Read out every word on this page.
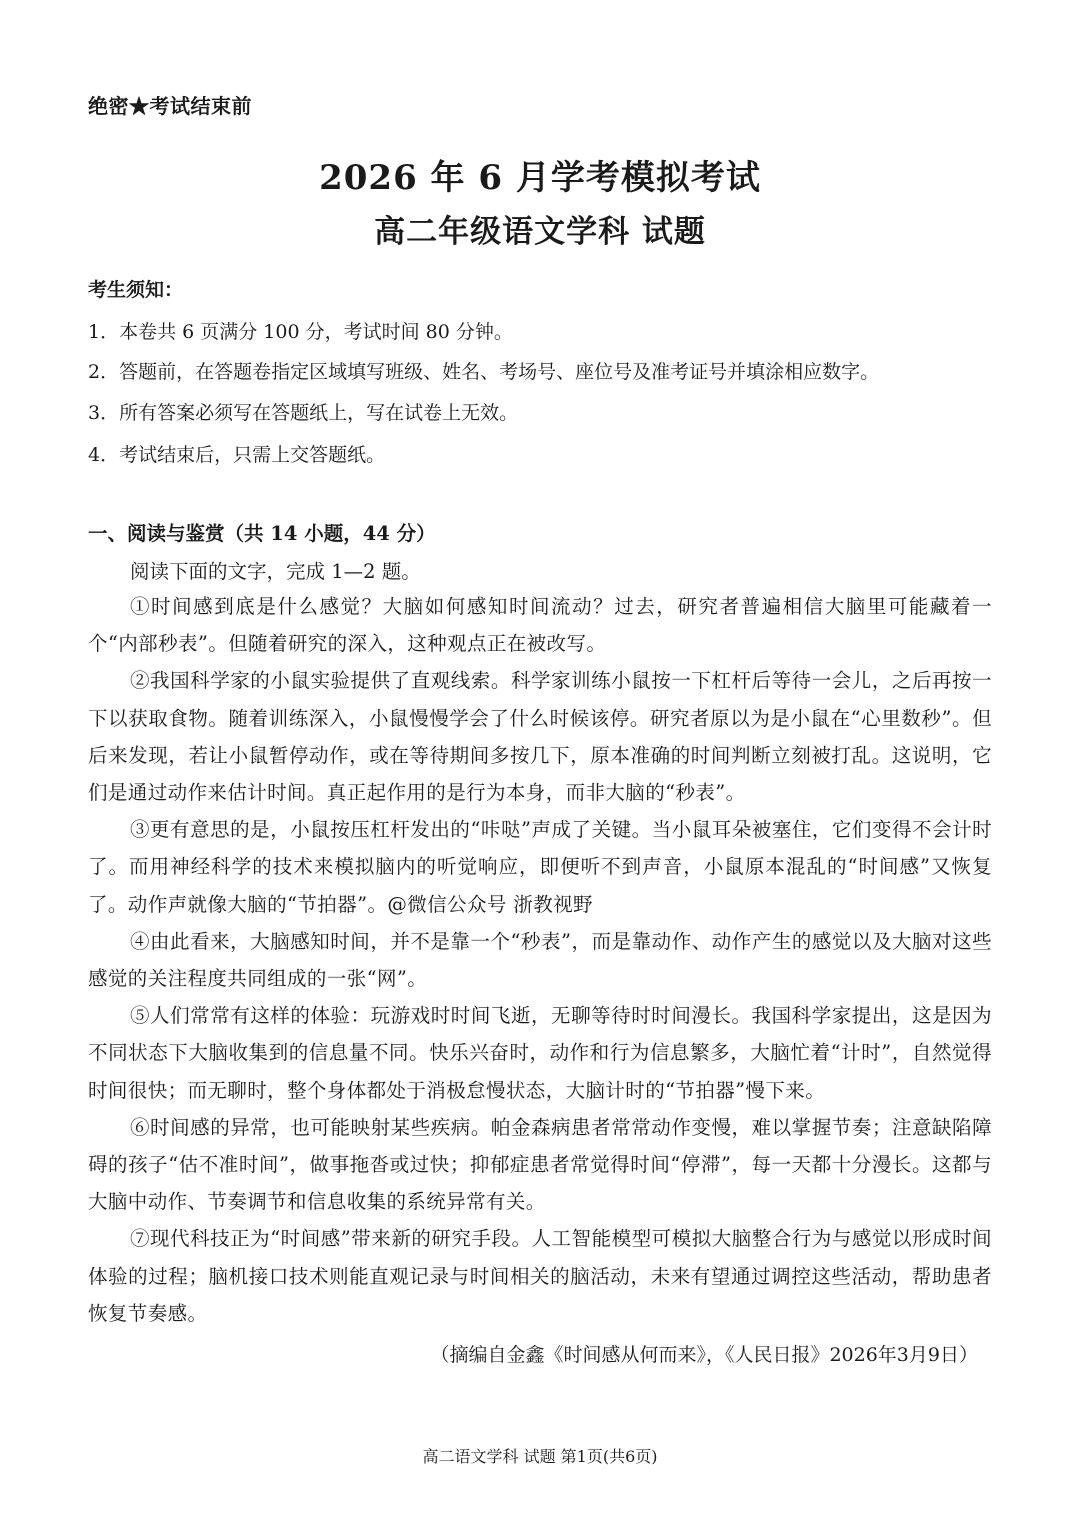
绝密★考试结束前
2026 年 6 月学考模拟考试
高二年级语文学科 试题
考生须知：
1．本卷共 6 页满分 100 分，考试时间 80 分钟。
2．答题前，在答题卷指定区域填写班级、姓名、考场号、座位号及准考证号并填涂相应数字。
3．所有答案必须写在答题纸上，写在试卷上无效。
4．考试结束后，只需上交答题纸。
一、阅读与鉴赏（共 14 小题，44 分）
阅读下面的文字，完成 1—2 题。

①时间感到底是什么感觉？大脑如何感知时间流动？过去，研究者普遍相信大脑里可能藏着一个“内部秒表”。但随着研究的深入，这种观点正在被改写。

②我国科学家的小鼠实验提供了直观线索。科学家训练小鼠按一下杠杆后等待一会儿，之后再按一下以获取食物。随着训练深入，小鼠慢慢学会了什么时候该停。研究者原以为是小鼠在“心里数秒”。但后来发现，若让小鼠暂停动作，或在等待期间多按几下，原本准确的时间判断立刻被打乱。这说明，它们是通过动作来估计时间。真正起作用的是行为本身，而非大脑的“秒表”。

③更有意思的是，小鼠按压杠杆发出的“咔哒”声成了关键。当小鼠耳朵被塞住，它们变得不会计时了。而用神经科学的技术来模拟脑内的听觉响应，即便听不到声音，小鼠原本混乱的“时间感”又恢复了。动作声就像大脑的“节拍器”。@微信公众号 浙教视野

④由此看来，大脑感知时间，并不是靠一个“秒表”，而是靠动作、动作产生的感觉以及大脑对这些感觉的关注程度共同组成的一张“网”。

⑤人们常常有这样的体验：玩游戏时时间飞逝，无聊等待时时间漫长。我国科学家提出，这是因为不同状态下大脑收集到的信息量不同。快乐兴奋时，动作和行为信息繁多，大脑忙着“计时”，自然觉得时间很快；而无聊时，整个身体都处于消极怠慢状态，大脑计时的“节拍器”慢下来。

⑥时间感的异常，也可能映射某些疾病。帕金森病患者常常动作变慢，难以掌握节奏；注意缺陷障碍的孩子“估不准时间”，做事拖沓或过快；抑郁症患者常觉得时间“停滞”，每一天都十分漫长。这都与大脑中动作、节奏调节和信息收集的系统异常有关。

⑦现代科技正为“时间感”带来新的研究手段。人工智能模型可模拟大脑整合行为与感觉以形成时间体验的过程；脑机接口技术则能直观记录与时间相关的脑活动，未来有望通过调控这些活动，帮助患者恢复节奏感。

高二语文学科 试题 第1页(共6页)
（摘编自金鑫《时间感从何而来》，《人民日报》2026年3月9日）
